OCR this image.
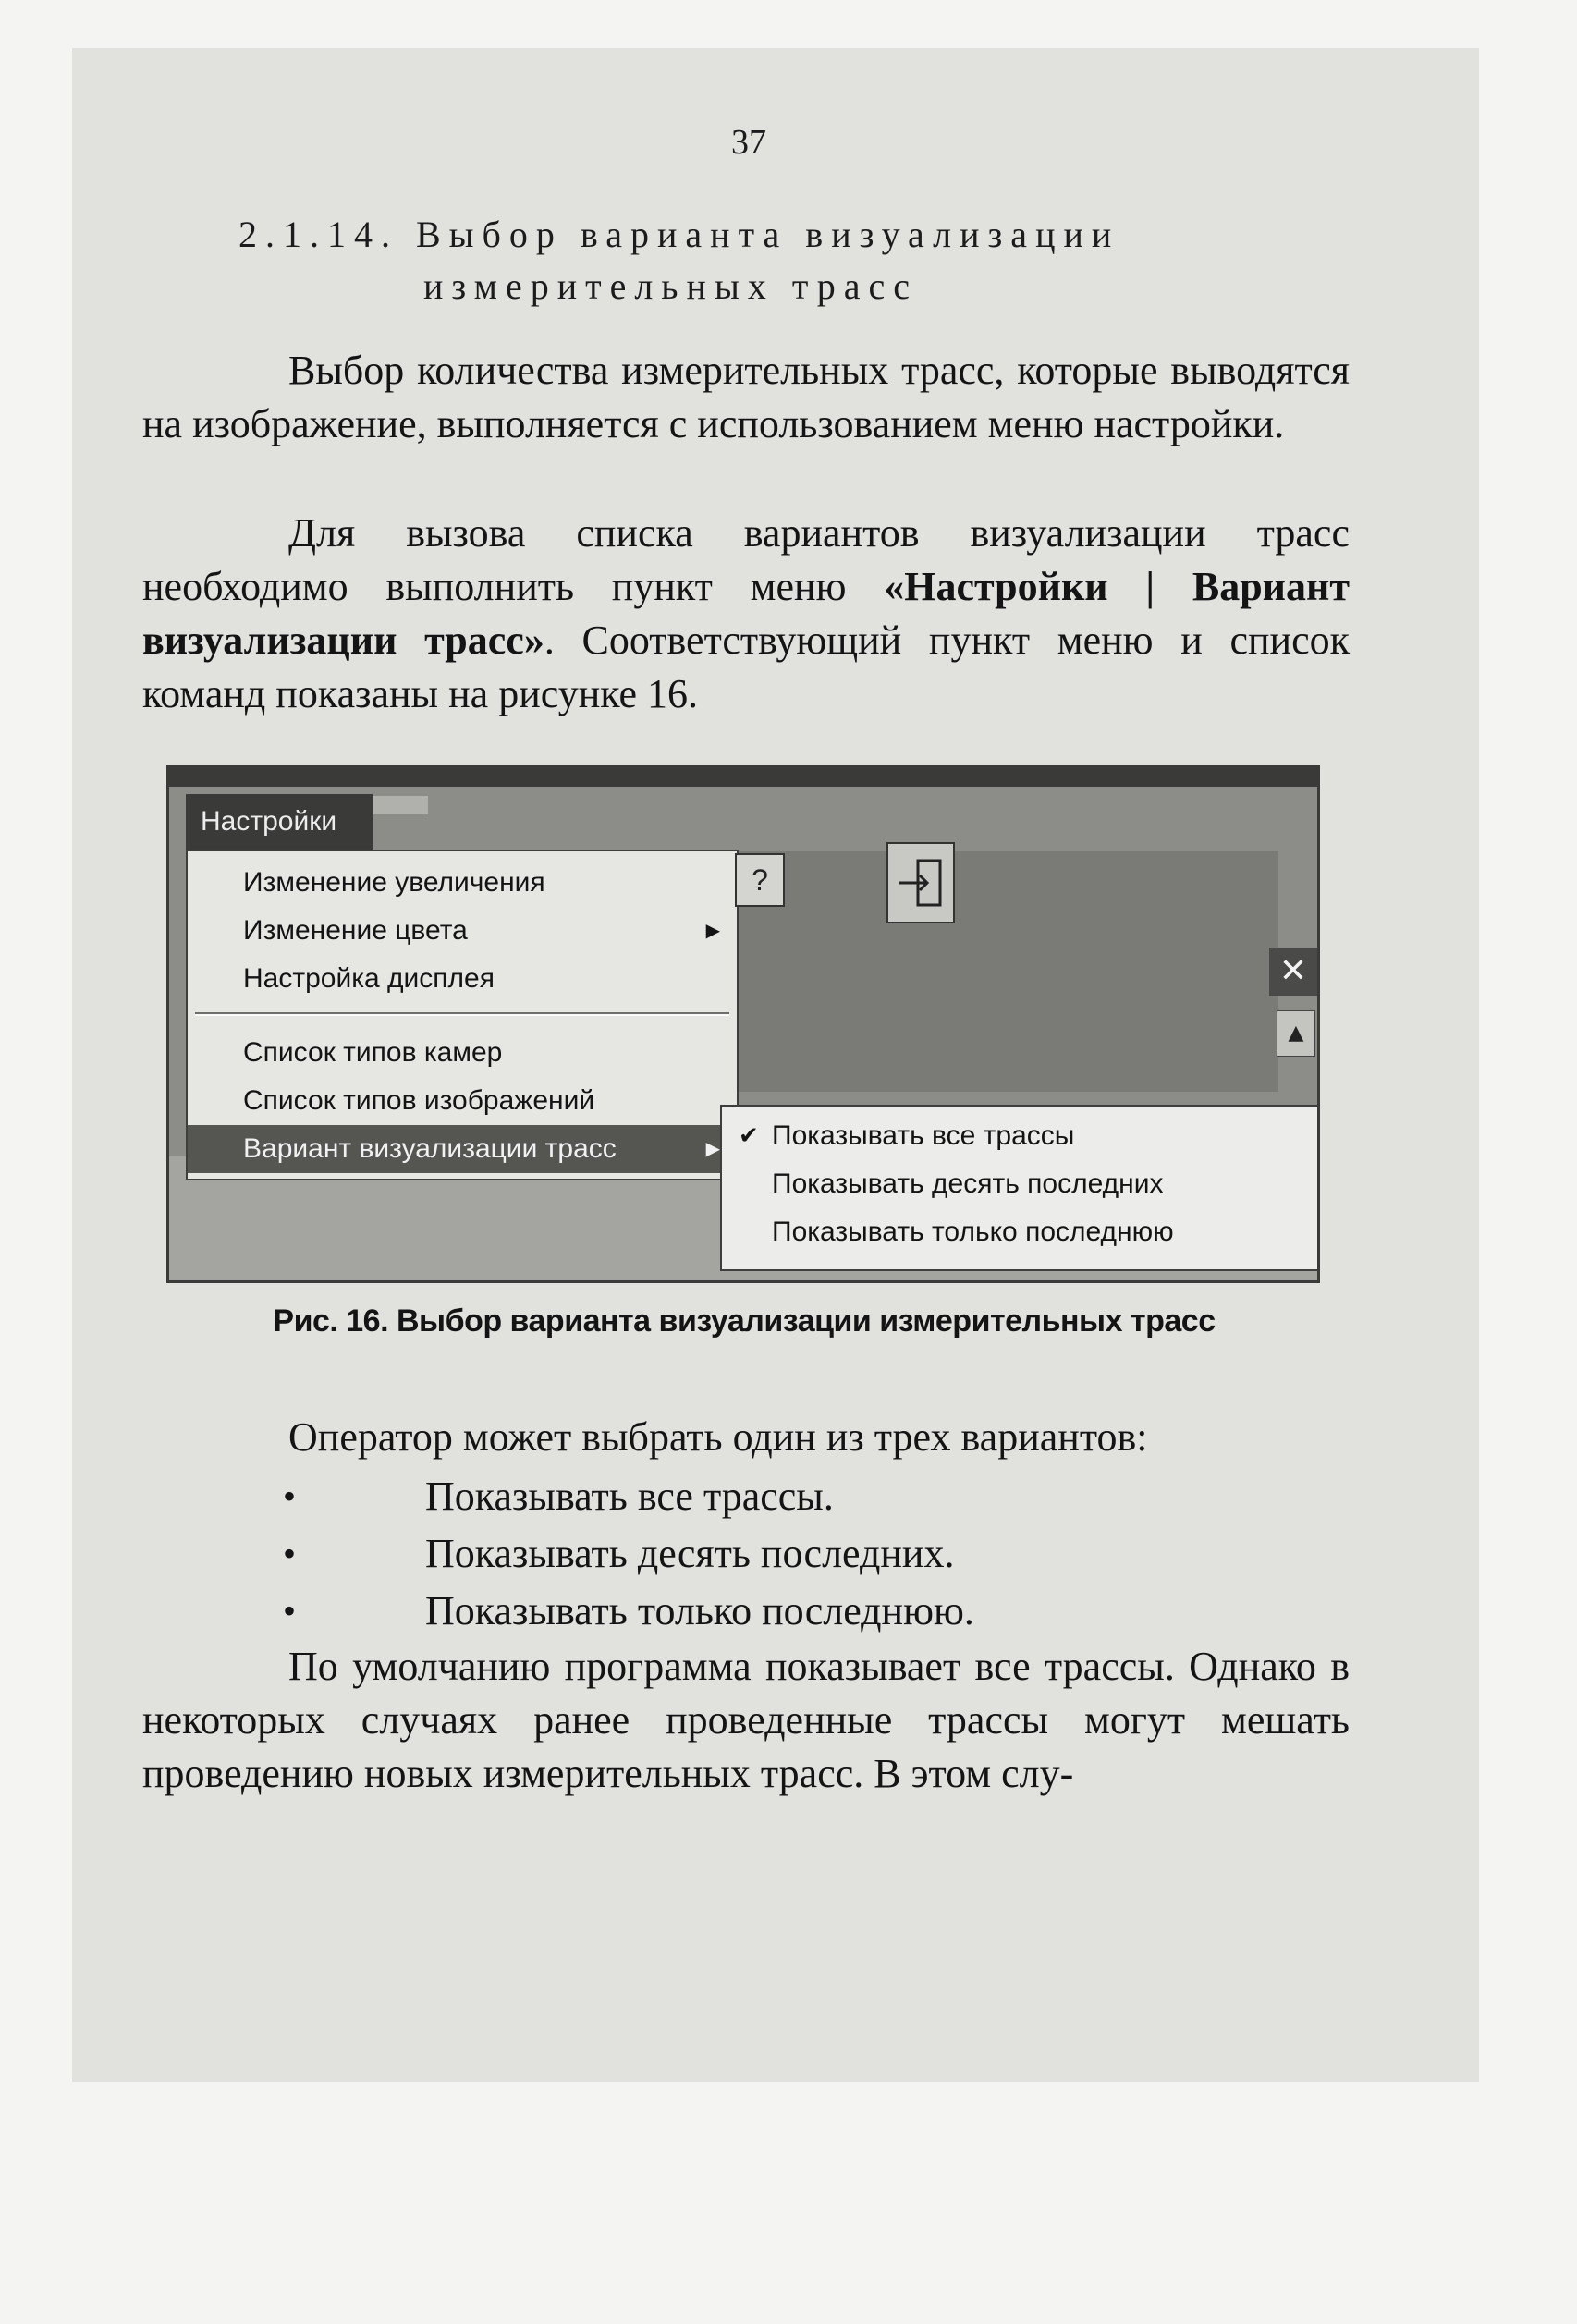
37
2.1.14. Выбор варианта визуализации
измерительных трасс

Выбор количества измерительных трасс, которые выводятся на изображение, выполняется с использованием меню настройки.

Для вызова списка вариантов визуализации трасс необходимо выполнить пункт меню «Настройки | Вариант визуализации трасс». Соответствующий пункт меню и список команд показаны на рисунке 16.

Настройки
Изменение увеличения
Изменение цвета	▶
Настройка дисплея
Список типов камер
Список типов изображений
Вариант визуализации трасс	▶
?
✕
▲
✔ Показывать все трассы
Показывать десять последних
Показывать только последнюю
Рис. 16. Выбор варианта визуализации измерительных трасс

Оператор может выбрать один из трех вариантов:

•	Показывать все трассы.
•	Показывать десять последних.
•	Показывать только последнюю.

По умолчанию программа показывает все трассы. Однако в некоторых случаях ранее проведенные трассы могут мешать проведению новых измерительных трасс. В этом слу-
